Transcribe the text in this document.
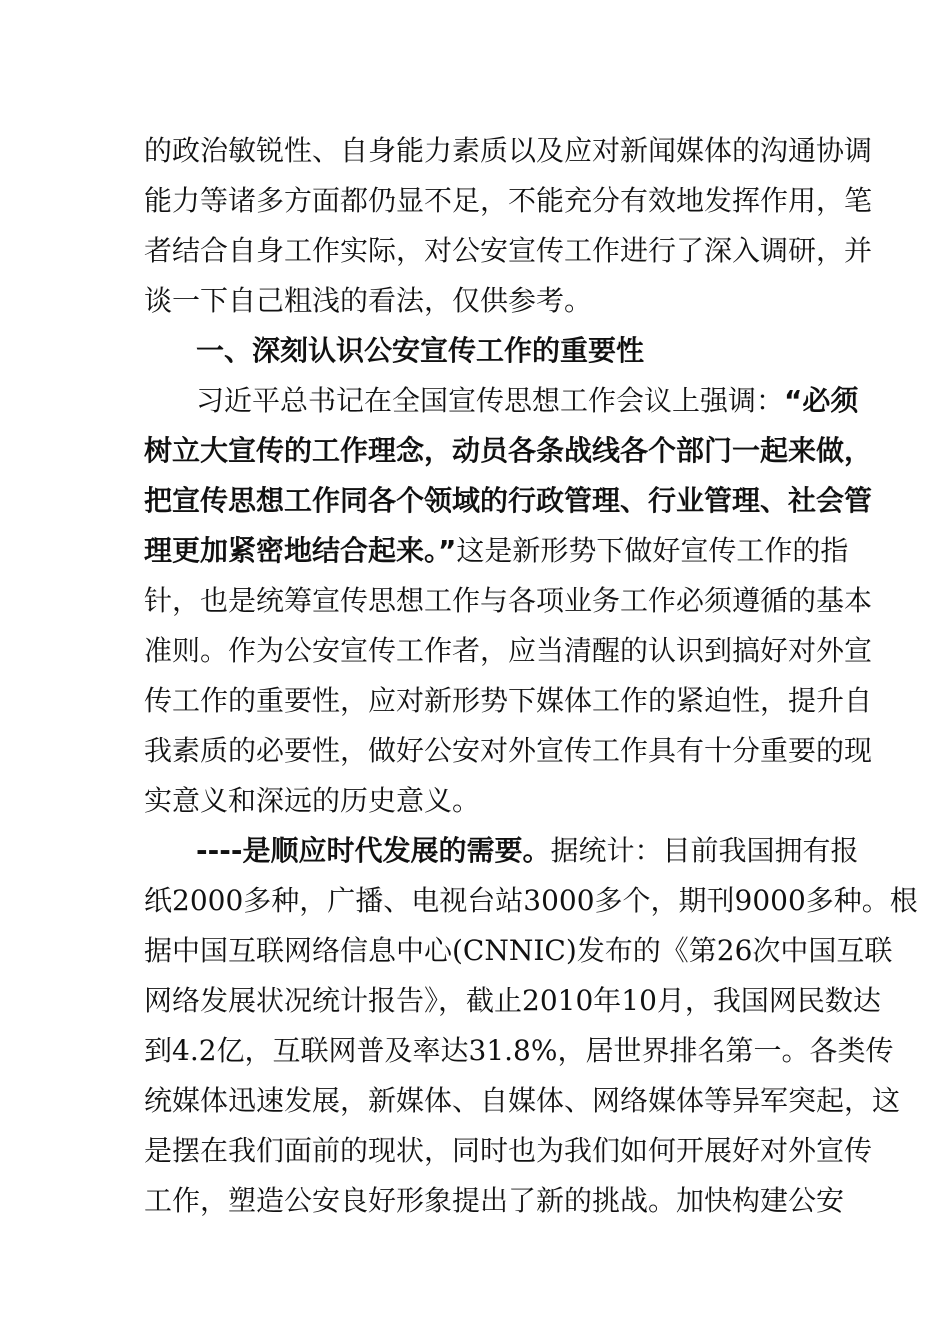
的政治敏锐性、自身能力素质以及应对新闻媒体的沟通协调
能力等诸多方面都仍显不足，不能充分有效地发挥作用，笔
者结合自身工作实际，对公安宣传工作进行了深入调研，并
谈一下自己粗浅的看法，仅供参考。
一、深刻认识公安宣传工作的重要性
习近平总书记在全国宣传思想工作会议上强调：“必须
树立大宣传的工作理念，动员各条战线各个部门一起来做，
把宣传思想工作同各个领域的行政管理、行业管理、社会管
理更加紧密地结合起来。”这是新形势下做好宣传工作的指
针，也是统筹宣传思想工作与各项业务工作必须遵循的基本
准则。作为公安宣传工作者，应当清醒的认识到搞好对外宣
传工作的重要性，应对新形势下媒体工作的紧迫性，提升自
我素质的必要性，做好公安对外宣传工作具有十分重要的现
实意义和深远的历史意义。
----是顺应时代发展的需要。据统计：目前我国拥有报
纸2000多种，广播、电视台站3000多个，期刊9000多种。根
据中国互联网络信息中心(CNNIC)发布的《第26次中国互联
网络发展状况统计报告》，截止2010年10月，我国网民数达
到4.2亿，互联网普及率达31.8%，居世界排名第一。各类传
统媒体迅速发展，新媒体、自媒体、网络媒体等异军突起，这
是摆在我们面前的现状，同时也为我们如何开展好对外宣传
工作，塑造公安良好形象提出了新的挑战。加快构建公安
